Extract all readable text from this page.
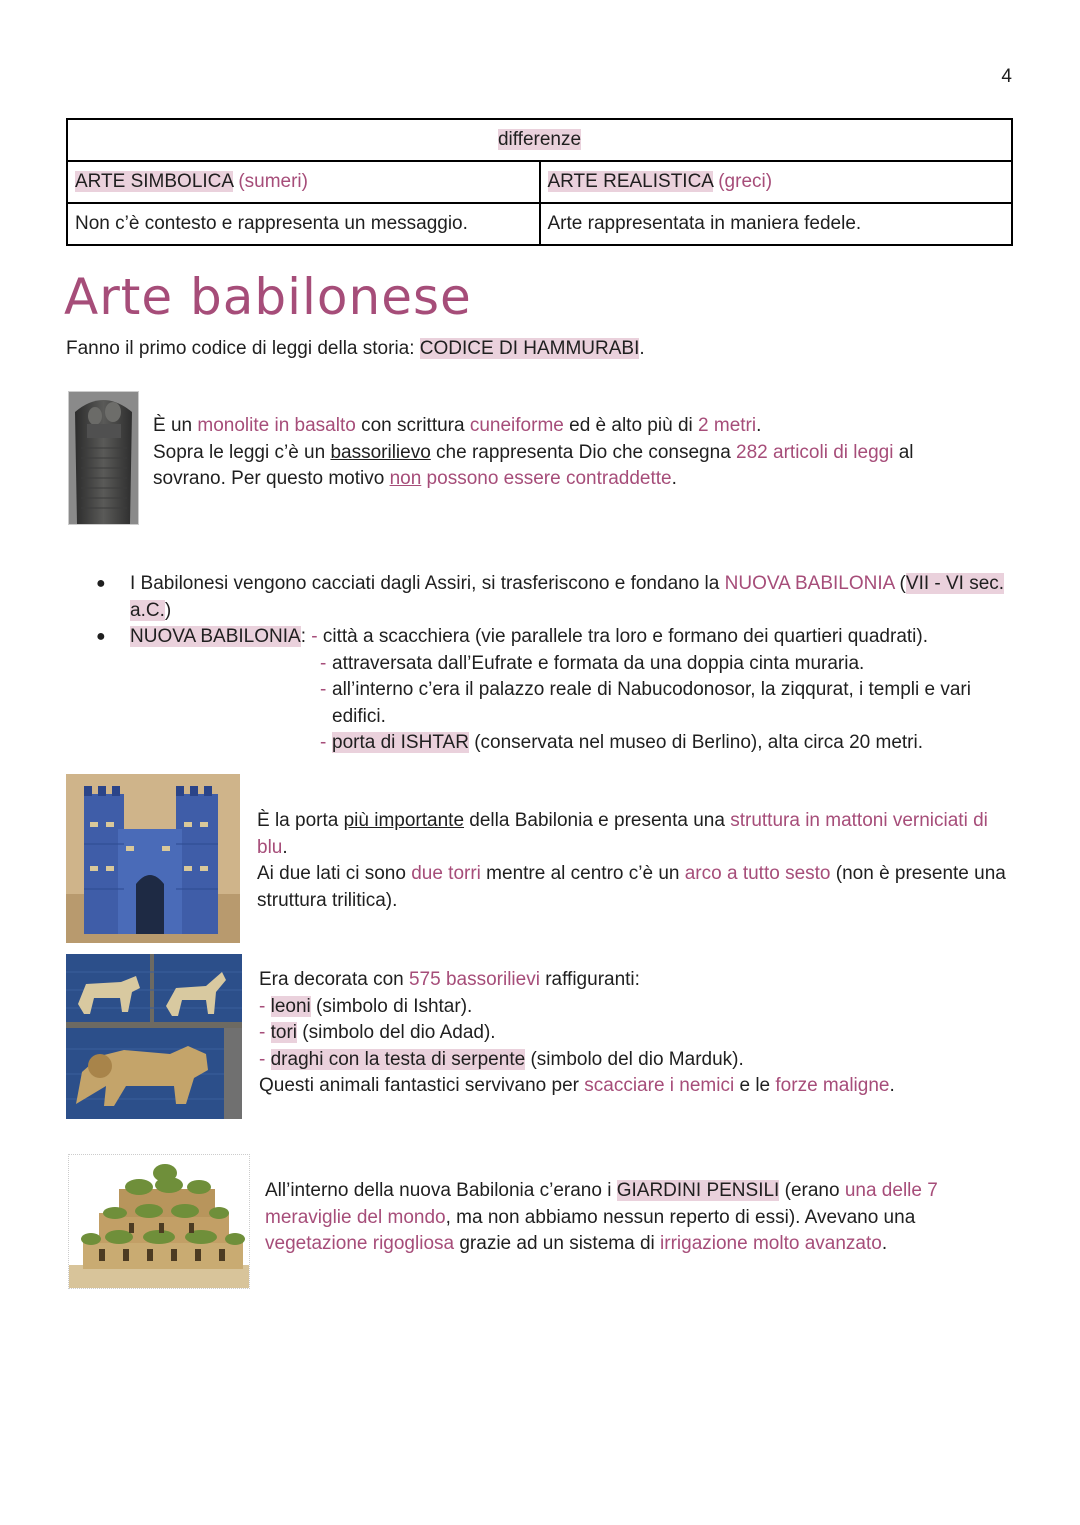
4
differenze	
ARTE SIMBOLICA (sumeri)	ARTE REALISTICA (greci)
Non c’è contesto e rappresenta un messaggio.	Arte rappresentata in maniera fedele.
Arte babilonese
Fanno il primo codice di leggi della storia: CODICE DI HAMMURABI.
È un monolite in basalto con scrittura cuneiforme ed è alto più di 2 metri.
Sopra le leggi c’è un bassorilievo che rappresenta Dio che consegna 282 articoli di leggi al sovrano. Per questo motivo non possono essere contraddette.
● I Babilonesi vengono cacciati dagli Assiri, si trasferiscono e fondano la NUOVA BABILONIA (VII - VI sec. a.C.)
● NUOVA BABILONIA: - città a scacchiera (vie parallele tra loro e formano dei quartieri quadrati).
- attraversata dall’Eufrate e formata da una doppia cinta muraria.
- all’interno c’era il palazzo reale di Nabucodonosor, la ziqqurat, i templi e vari edifici.
- porta di ISHTAR (conservata nel museo di Berlino), alta circa 20 metri.
È la porta più importante della Babilonia e presenta una struttura in mattoni verniciati di blu.
Ai due lati ci sono due torri mentre al centro c’è un arco a tutto sesto (non è presente una struttura trilitica).
Era decorata con 575 bassorilievi raffiguranti:
- leoni (simbolo di Ishtar).
- tori (simbolo del dio Adad).
- draghi con la testa di serpente (simbolo del dio Marduk).
Questi animali fantastici servivano per scacciare i nemici e le forze maligne.
All’interno della nuova Babilonia c’erano i GIARDINI PENSILI (erano una delle 7 meraviglie del mondo, ma non abbiamo nessun reperto di essi). Avevano una vegetazione rigogliosa grazie ad un sistema di irrigazione molto avanzato.
